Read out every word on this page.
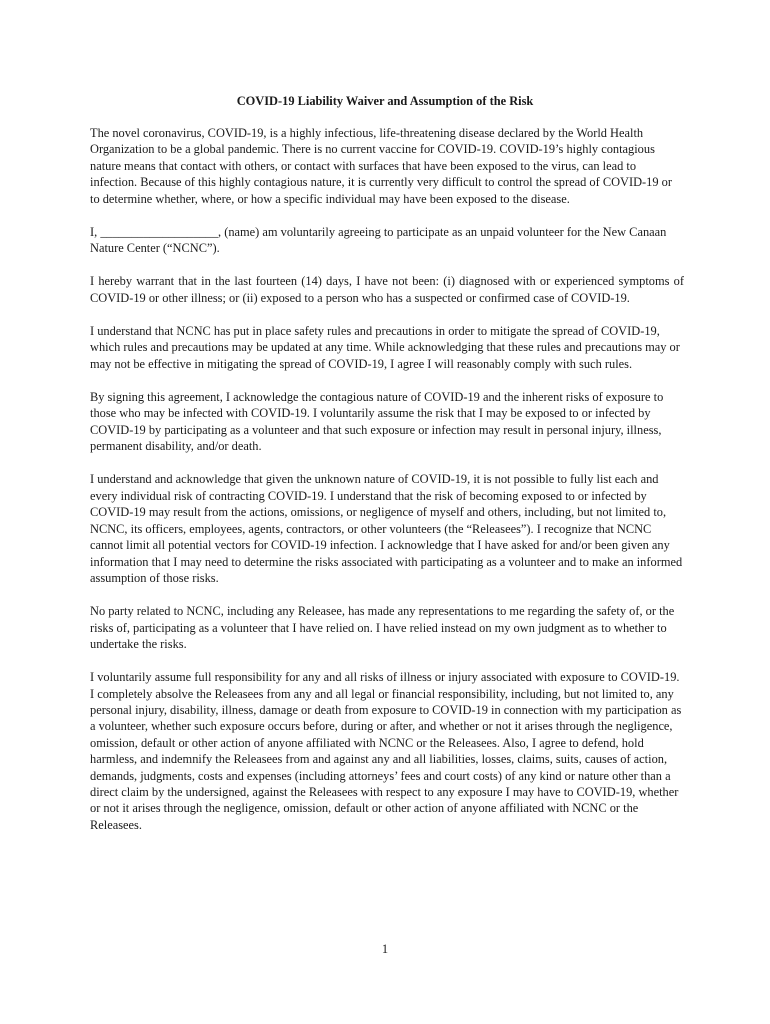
COVID-19 Liability Waiver and Assumption of the Risk

The novel coronavirus, COVID-19, is a highly infectious, life-threatening disease declared by the World Health Organization to be a global pandemic. There is no current vaccine for COVID-19. COVID-19’s highly contagious nature means that contact with others, or contact with surfaces that have been exposed to the virus, can lead to infection. Because of this highly contagious nature, it is currently very difficult to control the spread of COVID-19 or to determine whether, where, or how a specific individual may have been exposed to the disease.

I, ___________________, (name) am voluntarily agreeing to participate as an unpaid volunteer for the New Canaan Nature Center (“NCNC”).

I hereby warrant that in the last fourteen (14) days, I have not been: (i) diagnosed with or experienced symptoms of COVID-19 or other illness; or (ii) exposed to a person who has a suspected or confirmed case of COVID-19.

I understand that NCNC has put in place safety rules and precautions in order to mitigate the spread of COVID-19, which rules and precautions may be updated at any time. While acknowledging that these rules and precautions may or may not be effective in mitigating the spread of COVID-19, I agree I will reasonably comply with such rules.

By signing this agreement, I acknowledge the contagious nature of COVID-19 and the inherent risks of exposure to those who may be infected with COVID-19. I voluntarily assume the risk that I may be exposed to or infected by COVID-19 by participating as a volunteer and that such exposure or infection may result in personal injury, illness, permanent disability, and/or death.

I understand and acknowledge that given the unknown nature of COVID-19, it is not possible to fully list each and every individual risk of contracting COVID-19. I understand that the risk of becoming exposed to or infected by COVID-19 may result from the actions, omissions, or negligence of myself and others, including, but not limited to, NCNC, its officers, employees, agents, contractors, or other volunteers (the “Releasees”). I recognize that NCNC cannot limit all potential vectors for COVID-19 infection. I acknowledge that I have asked for and/or been given any information that I may need to determine the risks associated with participating as a volunteer and to make an informed assumption of those risks.

No party related to NCNC, including any Releasee, has made any representations to me regarding the safety of, or the risks of, participating as a volunteer that I have relied on. I have relied instead on my own judgment as to whether to undertake the risks.

I voluntarily assume full responsibility for any and all risks of illness or injury associated with exposure to COVID-19. I completely absolve the Releasees from any and all legal or financial responsibility, including, but not limited to, any personal injury, disability, illness, damage or death from exposure to COVID-19 in connection with my participation as a volunteer, whether such exposure occurs before, during or after, and whether or not it arises through the negligence, omission, default or other action of anyone affiliated with NCNC or the Releasees. Also, I agree to defend, hold harmless, and indemnify the Releasees from and against any and all liabilities, losses, claims, suits, causes of action, demands, judgments, costs and expenses (including attorneys’ fees and court costs) of any kind or nature other than a direct claim by the undersigned, against the Releasees with respect to any exposure I may have to COVID-19, whether or not it arises through the negligence, omission, default or other action of anyone affiliated with NCNC or the Releasees.

1
